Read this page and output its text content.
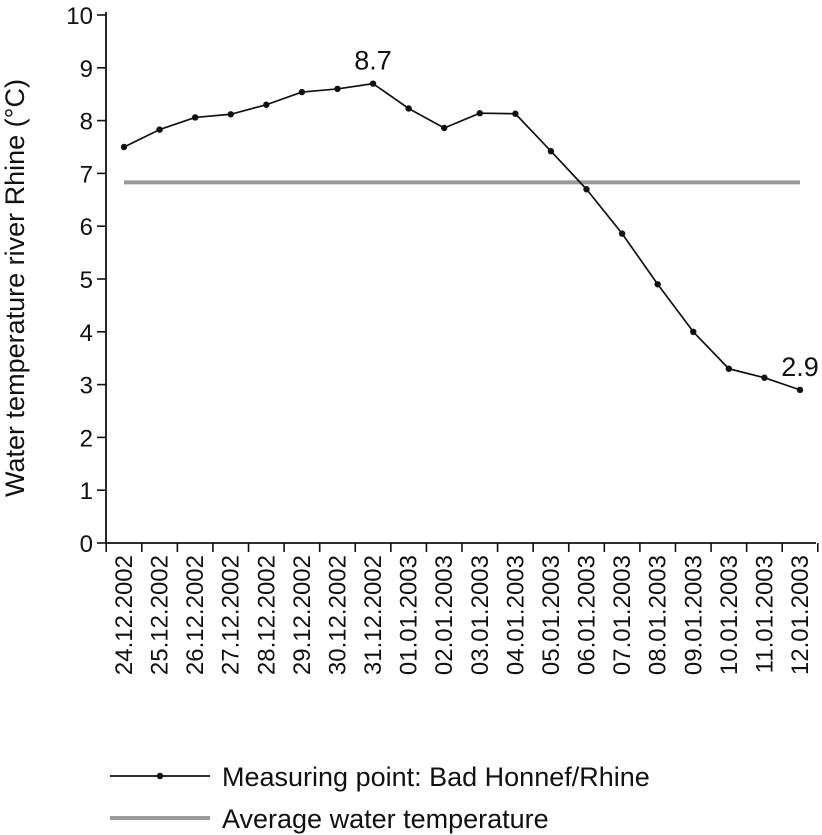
0
1
2
3
4
5
6
7
8
9
10
24.12.2002 25.12.2002 26.12.2002 27.12.2002 28.12.2002 29.12.2002 30.12.2002 31.12.2002 01.01.2003 02.01.2003 03.01.2003 04.01.2003 05.01.2003 06.01.2003 07.01.2003 08.01.2003 09.01.2003 10.01.2003 11.01.2003 12.01.2003
Water temperature river Rhine (°C)
8.7
2.9
Measuring point: Bad Honnef/Rhine
Average water temperature
